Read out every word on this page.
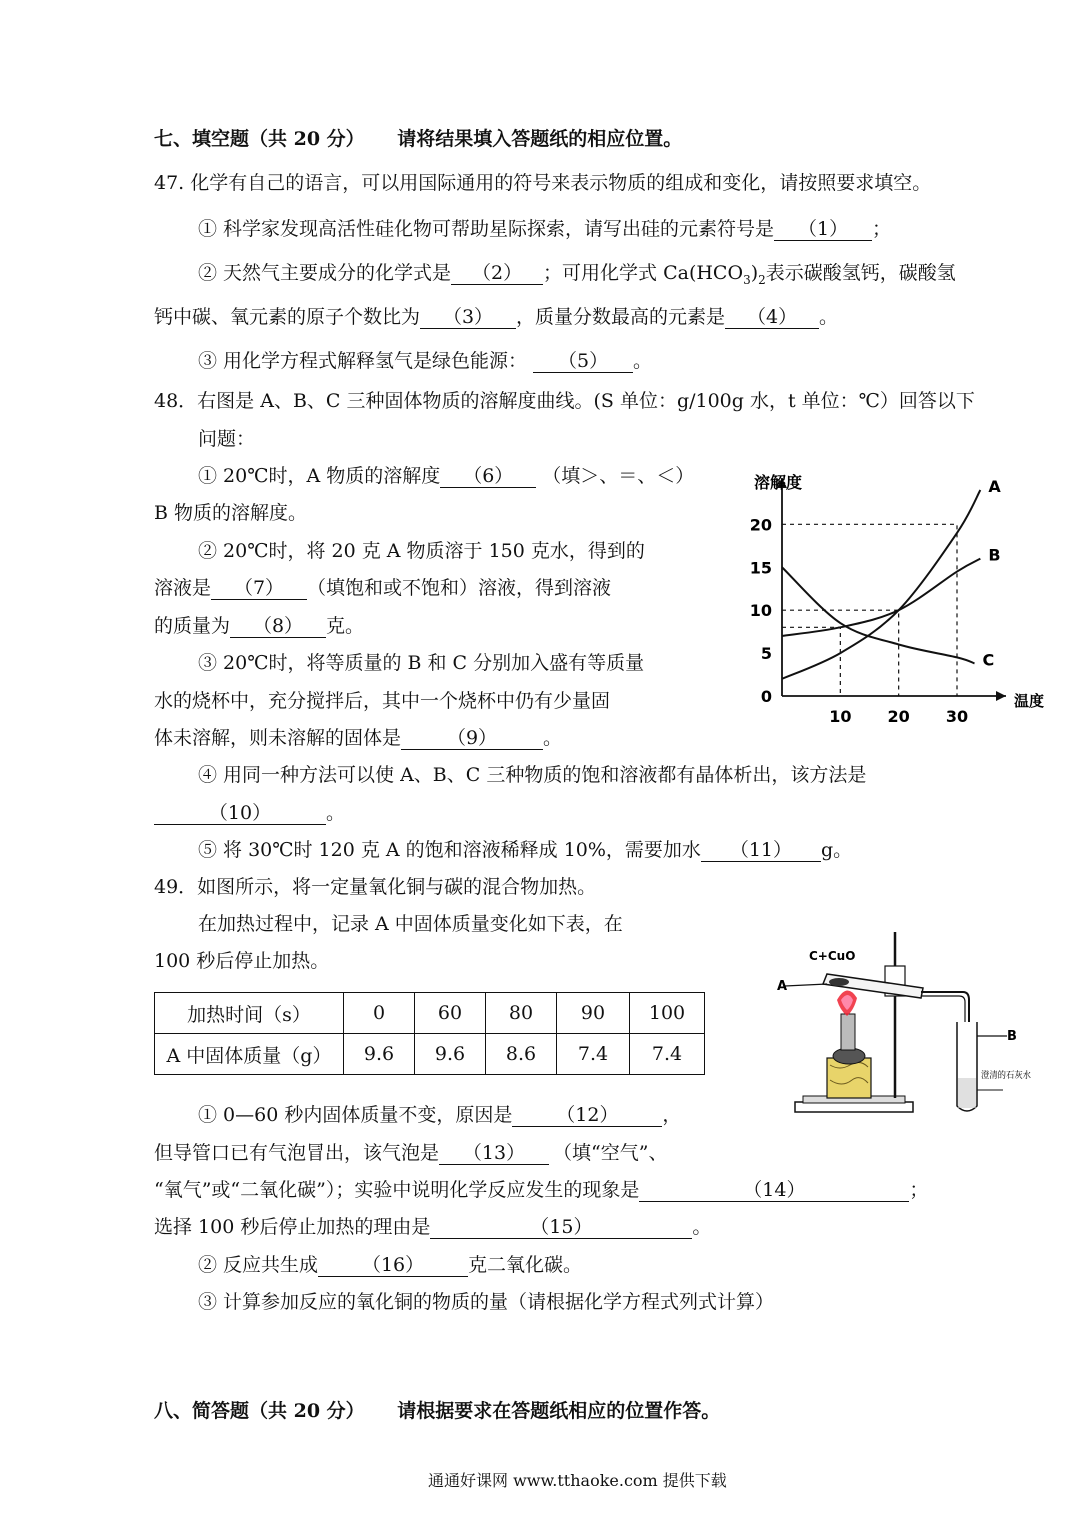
七、填空题（共 20 分） 请将结果填入答题纸的相应位置。
47. 化学有自己的语言，可以用国际通用的符号来表示物质的组成和变化，请按照要求填空。
① 科学家发现高活性硅化物可帮助星际探索，请写出硅的元素符号是 （1） ；
② 天然气主要成分的化学式是 （2） ；可用化学式 $Ca(HCO_3)_2$表示碳酸氢钙，碳酸氢
钙中碳、氧元素的原子个数比为 （3） ，质量分数最高的元素是 （4） 。
③ 用化学方程式解释氢气是绿色能源： （5） 。
48．右图是 A、B、C 三种固体物质的溶解度曲线。(S 单位：g/100g 水，t 单位：℃）回答以下
问题：
① 20℃时，A 物质的溶解度 （6） （填＞、＝、＜）
B 物质的溶解度。
② 20℃时，将 20 克 A 物质溶于 150 克水，得到的
溶液是 （7） （填饱和或不饱和）溶液，得到溶液
的质量为 （8） 克。
③ 20℃时，将等质量的 B 和 C 分别加入盛有等质量
水的烧杯中，充分搅拌后，其中一个烧杯中仍有少量固
体未溶解，则未溶解的固体是 （9） 。
④ 用同一种方法可以使 A、B、C 三种物质的饱和溶液都有晶体析出，该方法是
（10）	。
⑤ 将 30℃时 120 克 A 的饱和溶液稀释成 10%，需要加水 （11） g。
溶解度
温度
0
5
10
15
20
10 20 30
A
B
C
49．如图所示，将一定量氧化铜与碳的混合物加热。
在加热过程中，记录 A 中固体质量变化如下表，在
100 秒后停止加热。
加热时间（s）	0	60	80	90	100
A 中固体质量（g）	9.6	9.6	8.6	7.4	7.4
C+CuO
A
B
澄清的石灰水
① 0—60 秒内固体质量不变，原因是 （12） ，
但导管口已有气泡冒出，该气泡是 （13） （填“空气”、
“氧气”或“二氧化碳”）；实验中说明化学反应发生的现象是	（14）	；
选择 100 秒后停止加热的理由是	（15）	。
② 反应共生成 （16） 克二氧化碳。
③ 计算参加反应的氧化铜的物质的量（请根据化学方程式列式计算）
八、简答题（共 20 分） 请根据要求在答题纸相应的位置作答。
通通好课网 www.tthaoke.com 提供下载
